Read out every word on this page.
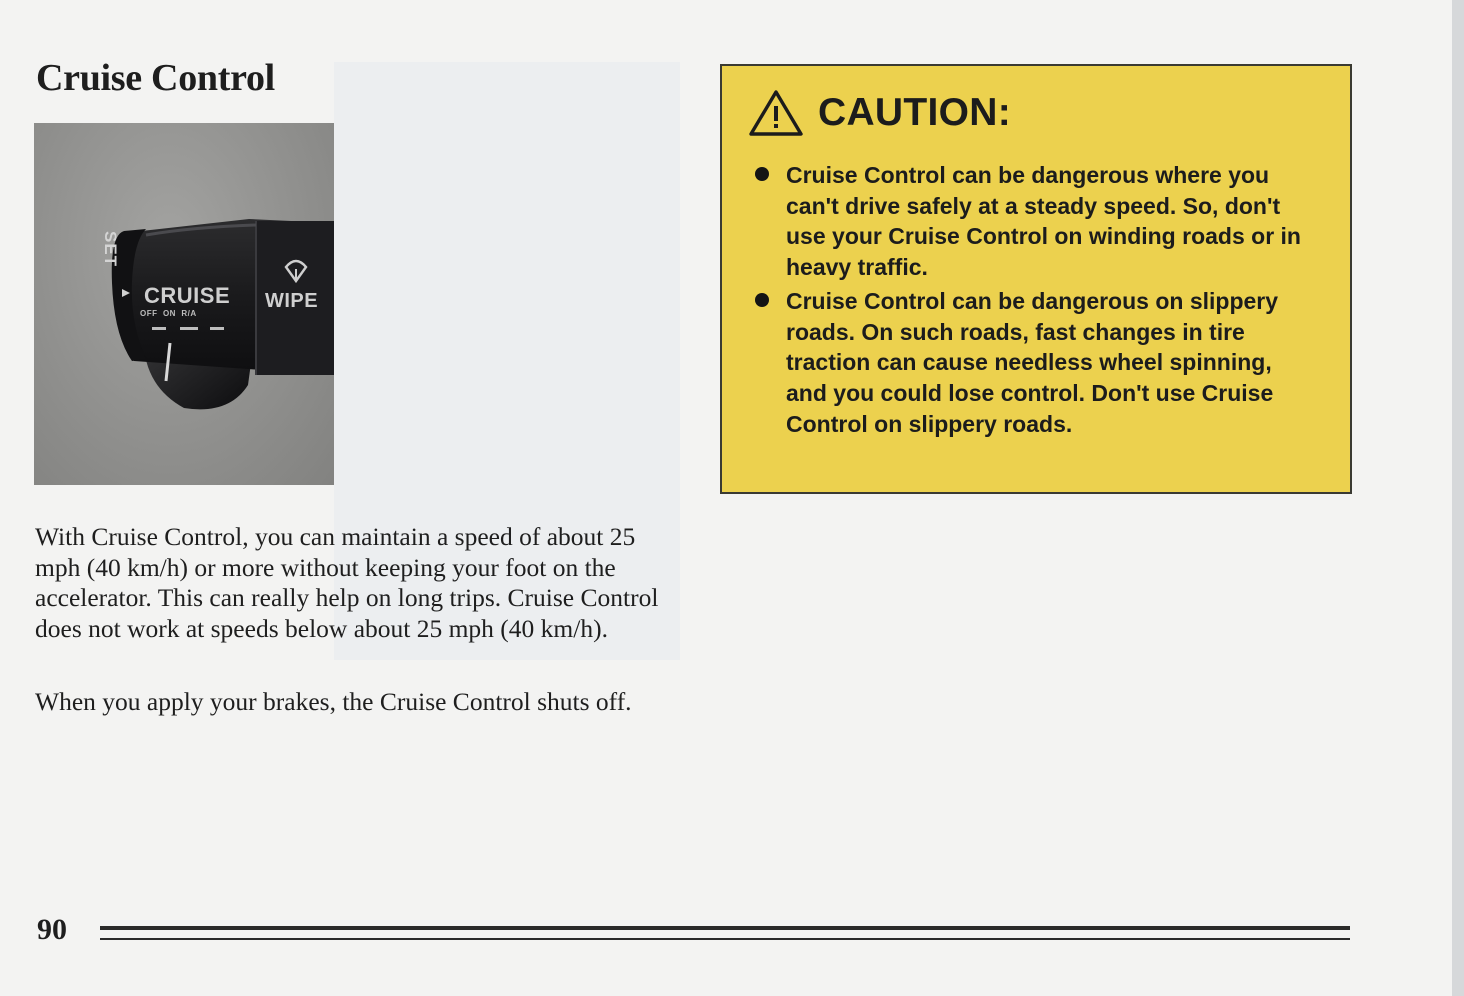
Cruise Control
SET
CRUISE
OFF  ON  R/A
WIPE

With Cruise Control, you can maintain a speed of about 25 mph (40 km/h) or more without keeping your foot on the accelerator. This can really help on long trips. Cruise Control does not work at speeds below about 25 mph (40 km/h).

When you apply your brakes, the Cruise Control shuts off.

CAUTION:
Cruise Control can be dangerous where you can't drive safely at a steady speed. So, don't use your Cruise Control on winding roads or in heavy traffic.
Cruise Control can be dangerous on slippery roads. On such roads, fast changes in tire traction can cause needless wheel spinning, and you could lose control. Don't use Cruise Control on slippery roads.
90
